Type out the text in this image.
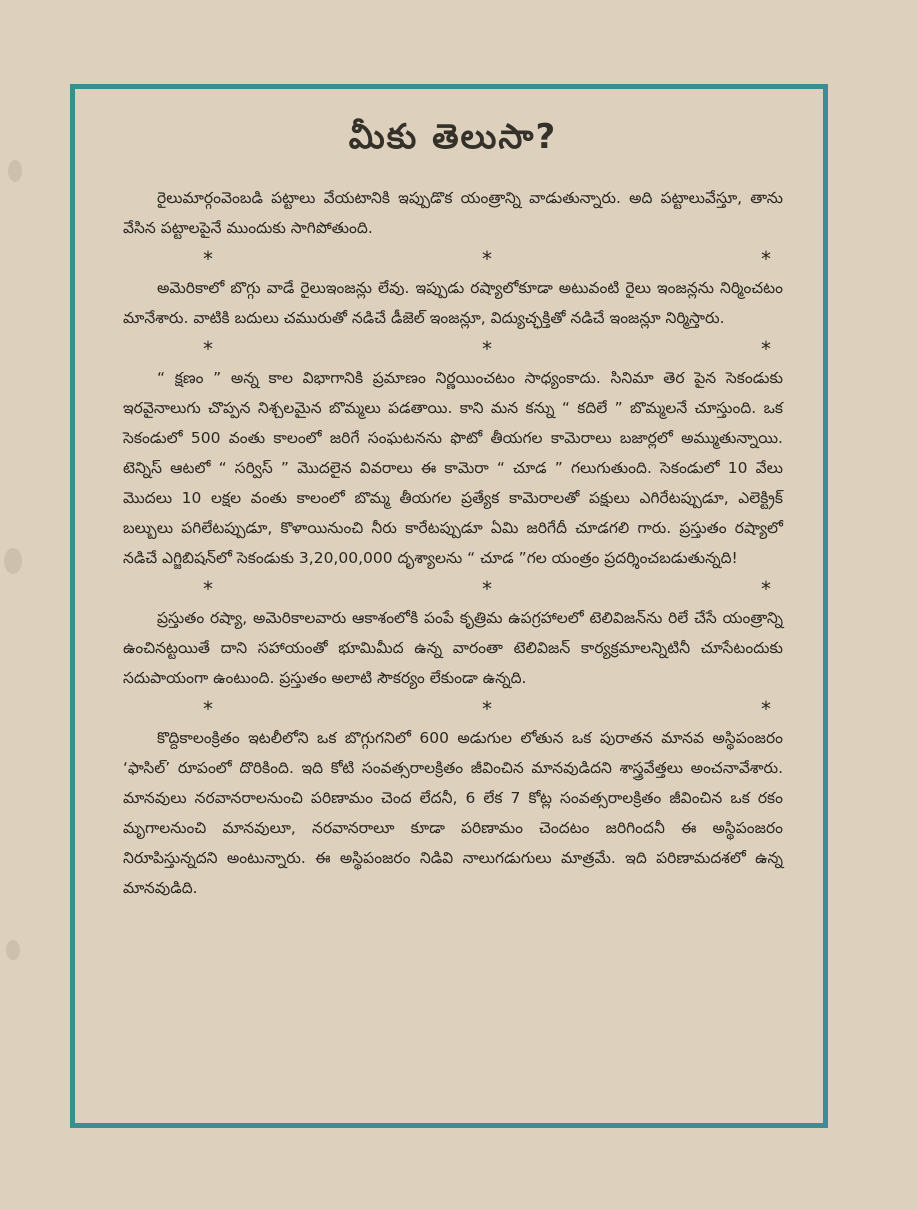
మీకు తెలుసా?

రైలుమార్గంవెంబడి పట్టాలు వేయటానికి ఇప్పుడొక యంత్రాన్ని వాడుతున్నారు. అది పట్టాలువేస్తూ, తాను వేసిన పట్టాలపైనే ముందుకు సాగిపోతుంది.

*	*	*

అమెరికాలో బొగ్గు వాడే రైలుఇంజన్లు లేవు. ఇప్పుడు రష్యాలోకూడా అటువంటి రైలు ఇంజన్లను నిర్మించటం మానేశారు. వాటికి బదులు చమురుతో నడిచే డీజెల్ ఇంజన్లూ, విద్యుచ్ఛక్తితో నడిచే ఇంజన్లూ నిర్మిస్తారు.

*	*	*

“ క్షణం ” అన్న కాల విభాగానికి ప్రమాణం నిర్ణయించటం సాధ్యంకాదు. సినిమా తెర పైన సెకండుకు ఇరవైనాలుగు చొప్పన నిశ్చలమైన బొమ్మలు పడతాయి. కాని మన కన్ను “ కదిలే ” బొమ్మలనే చూస్తుంది. ఒక సెకండులో 500 వంతు కాలంలో జరిగే సంఘటనను ఫొటో తీయగల కామెరాలు బజార్లలో అమ్ముతున్నాయి. టెన్నిస్ ఆటలో “ సర్విస్ ” మొదలైన వివరాలు ఈ కామెరా “ చూడ ” గలుగుతుంది. సెకండులో 10 వేలు మొదలు 10 లక్షల వంతు కాలంలో బొమ్మ తీయగల ప్రత్యేక కామెరాలతో పక్షులు ఎగిరేటప్పుడూ, ఎలెక్ట్రిక్ బల్బులు పగిలేటప్పుడూ, కొళాయినుంచి నీరు కారేటప్పుడూ ఏమి జరిగేదీ చూడగలి గారు. ప్రస్తుతం రష్యాలో నడిచే ఎగ్జిబిషన్‌లో సెకండుకు 3,20,00,000 దృశ్యాలను “ చూడ ”గల యంత్రం ప్రదర్శించబడుతున్నది!

*	*	*

ప్రస్తుతం రష్యా, అమెరికాలవారు ఆకాశంలోకి పంపే కృత్రిమ ఉపగ్రహాలలో టెలివిజన్‌ను రిలే చేసే యంత్రాన్ని ఉంచినట్టయితే దాని సహాయంతో భూమిమీద ఉన్న వారంతా టెలివిజన్ కార్యక్రమాలన్నిటినీ చూసేటందుకు సదుపాయంగా ఉంటుంది. ప్రస్తుతం అలాటి సౌకర్యం లేకుండా ఉన్నది.

*	*	*

కొద్దికాలంక్రితం ఇటలీలోని ఒక బొగ్గుగనిలో 600 అడుగుల లోతున ఒక పురాతన మానవ అస్థిపంజరం ‘ఫాసిల్’ రూపంలో దొరికింది. ఇది కోటి సంవత్సరాలక్రితం జీవించిన మానవుడిదని శాస్త్రవేత్తలు అంచనావేశారు. మానవులు నరవానరాలనుంచి పరిణామం చెంద లేదనీ, 6 లేక 7 కోట్ల సంవత్సరాలక్రితం జీవించిన ఒక రకం మృగాలనుంచి మానవులూ, నరవానరాలూ కూడా పరిణామం చెందటం జరిగిందనీ ఈ అస్థిపంజరం నిరూపిస్తున్నదని అంటున్నారు. ఈ అస్థిపంజరం నిడివి నాలుగడుగులు మాత్రమే. ఇది పరిణామదశలో ఉన్న మానవుడిది.
